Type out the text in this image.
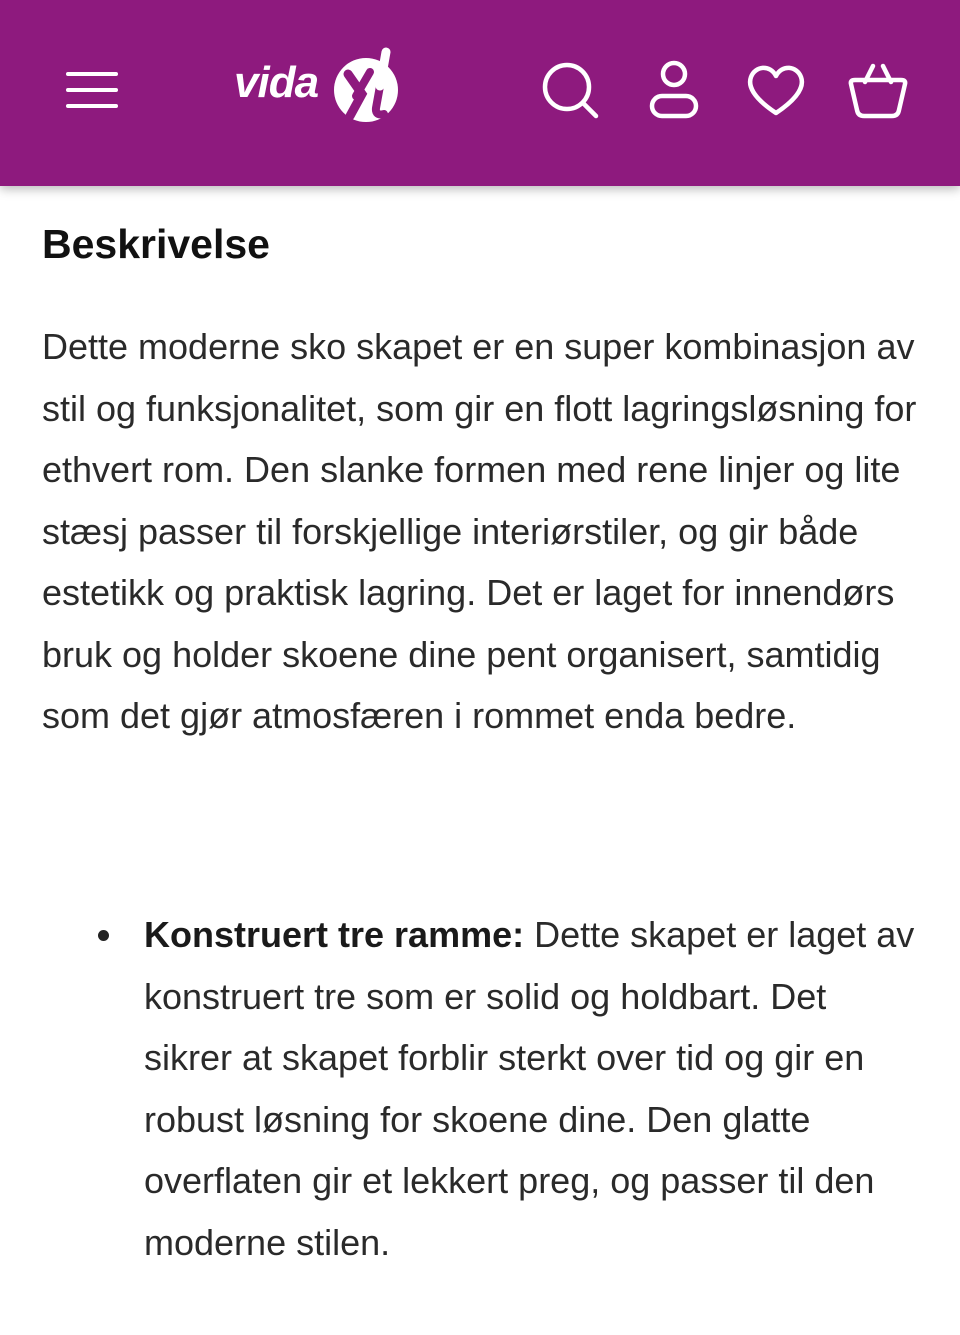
vida
Beskrivelse

Dette moderne sko skapet er en super kombinasjon av stil og funksjonalitet, som gir en flott lagringsløsning for ethvert rom. Den slanke formen med rene linjer og lite stæsj passer til forskjellige interiørstiler, og gir både estetikk og praktisk lagring. Det er laget for innendørs bruk og holder skoene dine pent organisert, samtidig som det gjør atmosfæren i rommet enda bedre.

Konstruert tre ramme: Dette skapet er laget av konstruert tre som er solid og holdbart. Det sikrer at skapet forblir sterkt over tid og gir en robust løsning for skoene dine. Den glatte overflaten gir et lekkert preg, og passer til den moderne stilen.
